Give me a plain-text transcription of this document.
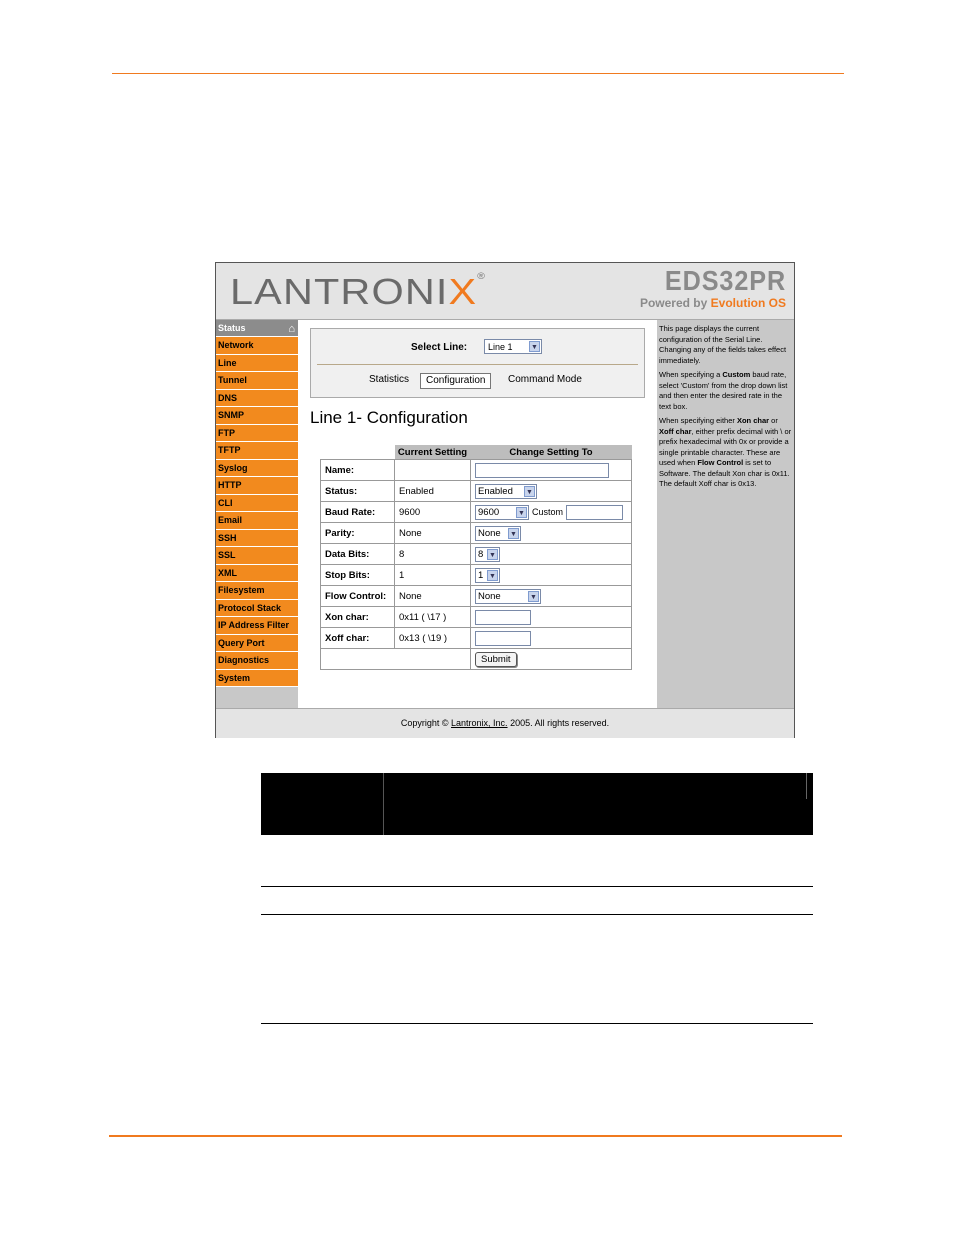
LANTRONIX®	EDS32PR
Powered by Evolution OS
Status	⌂
Network
Line
Tunnel
DNS
SNMP
FTP
TFTP
Syslog
HTTP
CLI
Email
SSH
SSL
XML
Filesystem
Protocol Stack
IP Address Filter
Query Port
Diagnostics
System
Select Line:	Line 1	▼
Statistics	Configuration	Command Mode
Line 1- Configuration
	Current Setting	Change Setting To
Name:		
Status:	Enabled	Enabled ▼

Baud Rate:	9600	9600 ▼ Custom
Parity:	None	None ▼

Data Bits:	8	8 ▼

Stop Bits:	1	1 ▼

Flow Control:	None	None ▼

Xon char:	0x11 ( \17 )	
Xoff char:	0x13 ( \19 )	
		Submit

This page displays the current configuration of the Serial Line. Changing any of the fields takes effect immediately.

When specifying a Custom baud rate, select 'Custom' from the drop down list and then enter the desired rate in the text box.

When specifying either Xon char or Xoff char, either prefix decimal with \ or prefix hexadecimal with 0x or provide a single printable character. These are used when Flow Control is set to Software. The default Xon char is 0x11. The default Xoff char is 0x13.

Copyright © Lantronix, Inc. 2005. All rights reserved.
